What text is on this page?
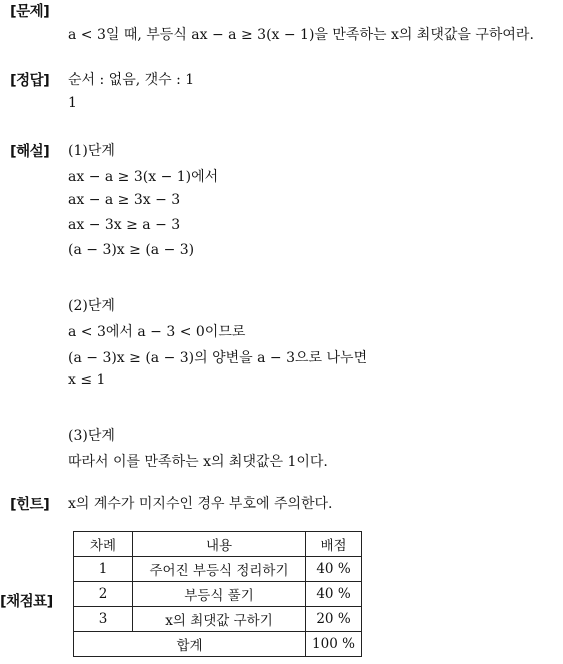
[문제]
a < 3일 때, 부등식 ax − a ≥ 3(x − 1)을 만족하는 x의 최댓값을 구하여라.
[정답] 순서 : 없음, 갯수 : 1
1
[해설] (1)단계
ax − a ≥ 3(x − 1)에서
ax − a ≥ 3x − 3
ax − 3x ≥ a − 3
(a − 3)x ≥ (a − 3)
(2)단계
a < 3에서 a − 3 < 0이므로
(a − 3)x ≥ (a − 3)의 양변을 a − 3으로 나누면
x ≤ 1
(3)단계
따라서 이를 만족하는 x의 최댓값은 1이다.
[힌트] x의 계수가 미지수인 경우 부호에 주의한다.
[채점표]
차례	내용	배점
1	주어진 부등식 정리하기	40 %
2	부등식 풀기	40 %
3	x의 최댓값 구하기	20 %
합계		100 %
